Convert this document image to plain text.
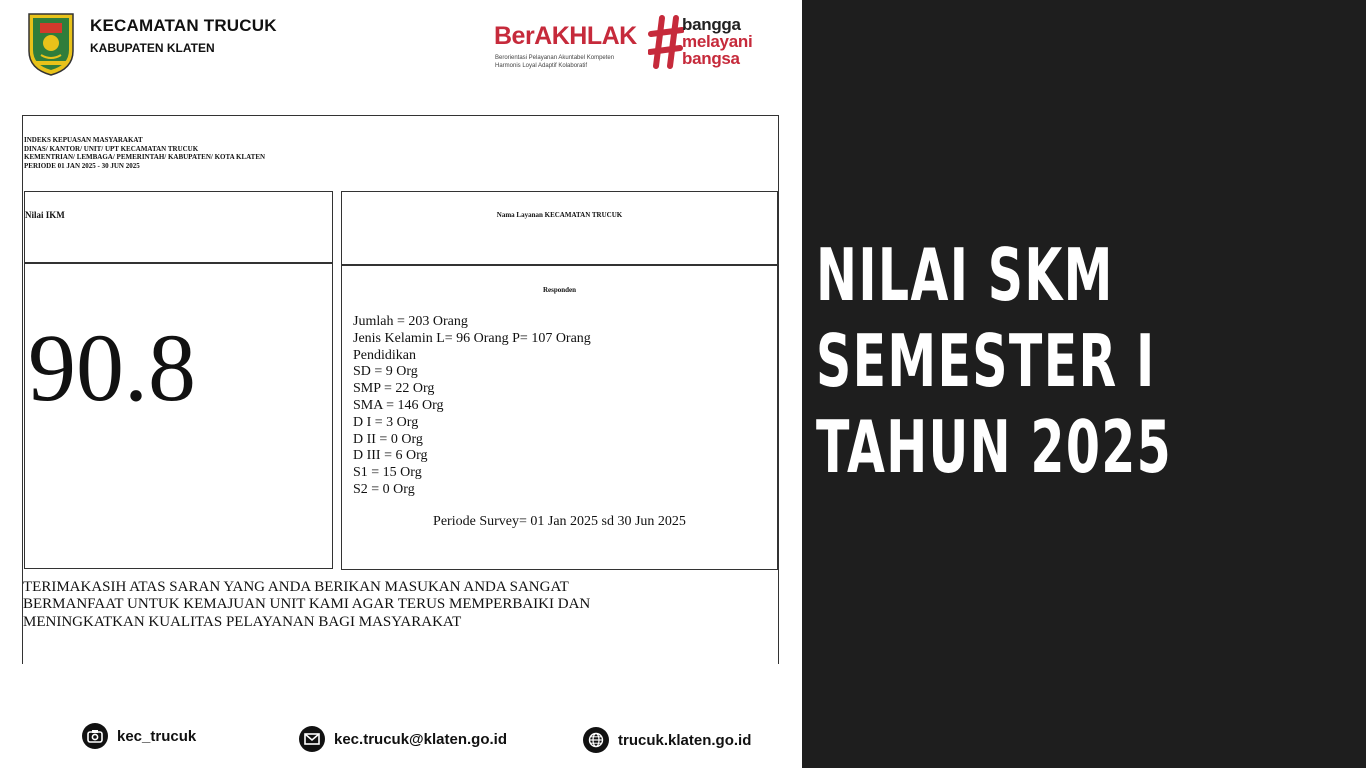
KECAMATAN TRUCUK
KABUPATEN KLATEN	BerAKHLAK
Berorientasi Pelayanan Akuntabel Kompeten
Harmonis Loyal Adaptif Kolaboratif
bangga
melayani
bangsa
INDEKS KEPUASAN MASYARAKAT
DINAS/ KANTOR/ UNIT/ UPT KECAMATAN TRUCUK
KEMENTRIAN/ LEMBAGA/ PEMERINTAH/ KABUPATEN/ KOTA KLATEN
PERIODE 01 JAN 2025 - 30 JUN 2025
Nilai IKM
90.8
Nama Layanan KECAMATAN TRUCUK
Responden
Jumlah = 203 Orang
Jenis Kelamin L= 96 Orang P= 107 Orang
Pendidikan
SD = 9 Org
SMP = 22 Org
SMA = 146 Org
D I = 3 Org
D II = 0 Org
D III = 6 Org
S1 = 15 Org
S2 = 0 Org
Periode Survey= 01 Jan 2025 sd 30 Jun 2025
TERIMAKASIH ATAS SARAN YANG ANDA BERIKAN MASUKAN ANDA SANGAT BERMANFAAT UNTUK KEMAJUAN UNIT KAMI AGAR TERUS MEMPERBAIKI DAN MENINGKATKAN KUALITAS PELAYANAN BAGI MASYARAKAT
kec_trucuk	kec.trucuk@klaten.go.id	trucuk.klaten.go.id
NILAI SKM
SEMESTER I
TAHUN 2025
